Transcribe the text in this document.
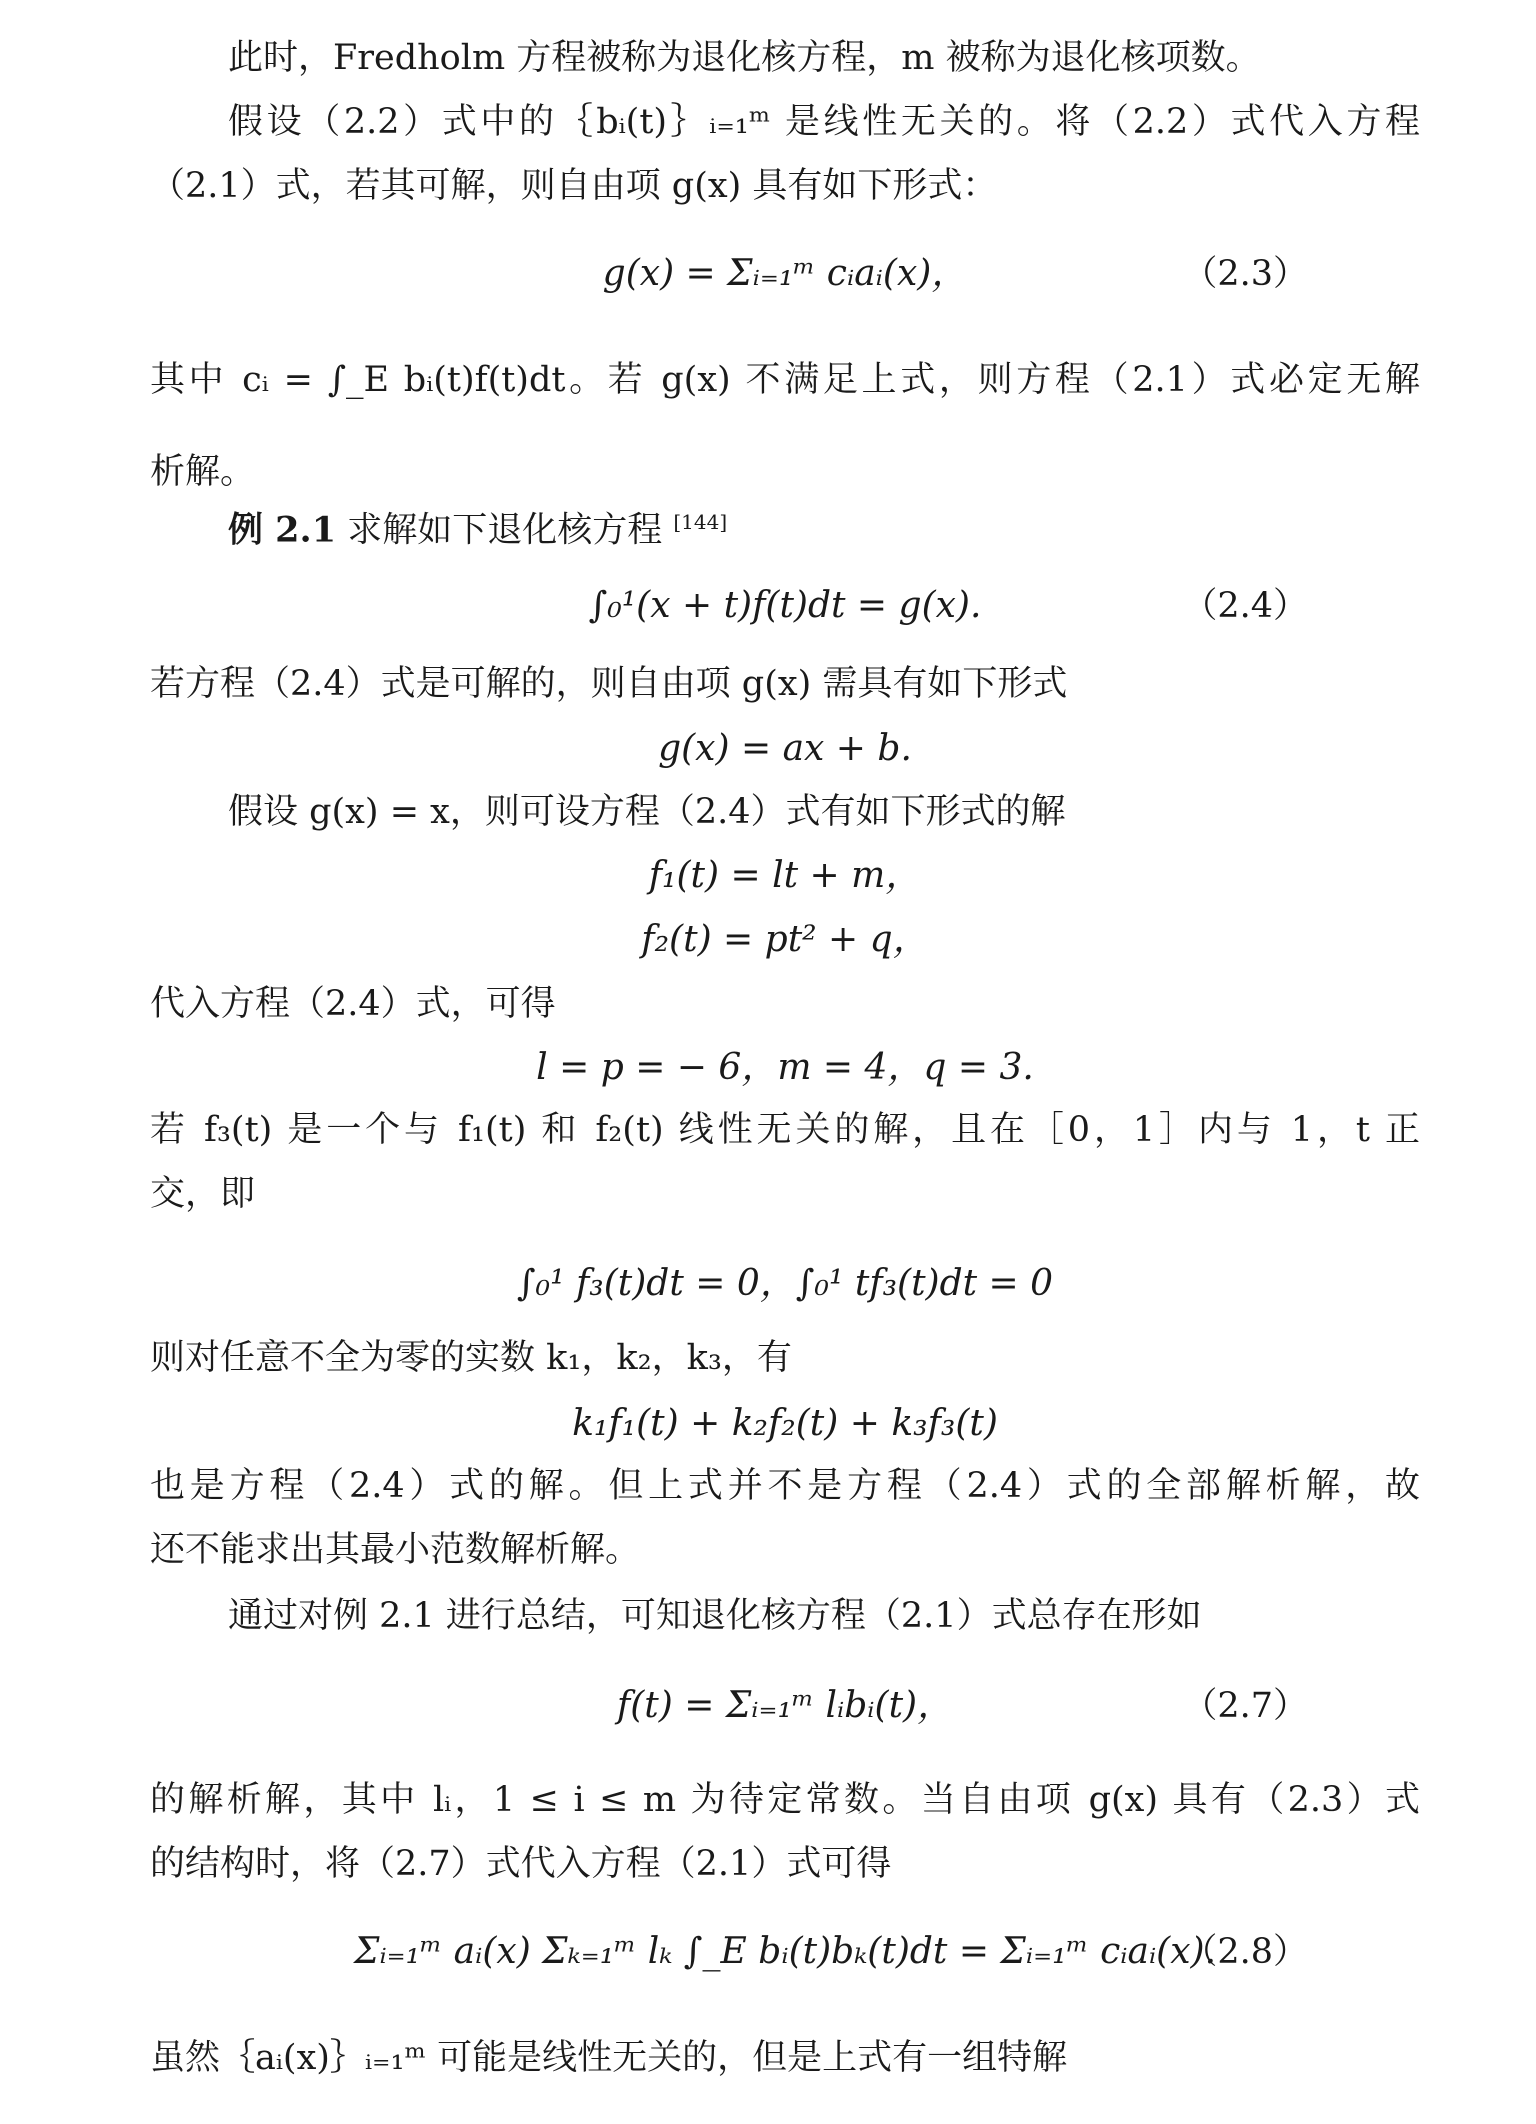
此时，Fredholm 方程被称为退化核方程，m 被称为退化核项数。
假设（2.2）式中的｛bᵢ(t)｝ᵢ₌₁ᵐ 是线性无关的。将（2.2）式代入方程
（2.1）式，若其可解，则自由项 g(x) 具有如下形式：
g(x) = Σᵢ₌₁ᵐ cᵢaᵢ(x)，	（2.3）
其中 cᵢ = ∫_E bᵢ(t)f(t)dt。若 g(x) 不满足上式，则方程（2.1）式必定无解
析解。
例 2.1 求解如下退化核方程 [144]
∫₀¹(x + t)f(t)dt = g(x).	（2.4）
若方程（2.4）式是可解的，则自由项 g(x) 需具有如下形式
g(x) = ax + b.
假设 g(x) = x，则可设方程（2.4）式有如下形式的解
f₁(t) = lt + m，
f₂(t) = pt² + q，
代入方程（2.4）式，可得
l = p = − 6，m = 4，q = 3.
若 f₃(t) 是一个与 f₁(t) 和 f₂(t) 线性无关的解，且在［0，1］内与 1，t 正
交，即
∫₀¹ f₃(t)dt = 0，∫₀¹ tf₃(t)dt = 0
则对任意不全为零的实数 k₁，k₂，k₃，有
k₁f₁(t) + k₂f₂(t) + k₃f₃(t)
也是方程（2.4）式的解。但上式并不是方程（2.4）式的全部解析解，故
还不能求出其最小范数解析解。
通过对例 2.1 进行总结，可知退化核方程（2.1）式总存在形如
f(t) = Σᵢ₌₁ᵐ lᵢbᵢ(t)，	（2.7）
的解析解，其中 lᵢ，1 ≤ i ≤ m 为待定常数。当自由项 g(x) 具有（2.3）式
的结构时，将（2.7）式代入方程（2.1）式可得
Σᵢ₌₁ᵐ aᵢ(x) Σₖ₌₁ᵐ lₖ ∫_E bᵢ(t)bₖ(t)dt = Σᵢ₌₁ᵐ cᵢaᵢ(x).
（2.8）
虽然｛aᵢ(x)｝ᵢ₌₁ᵐ 可能是线性无关的，但是上式有一组特解
